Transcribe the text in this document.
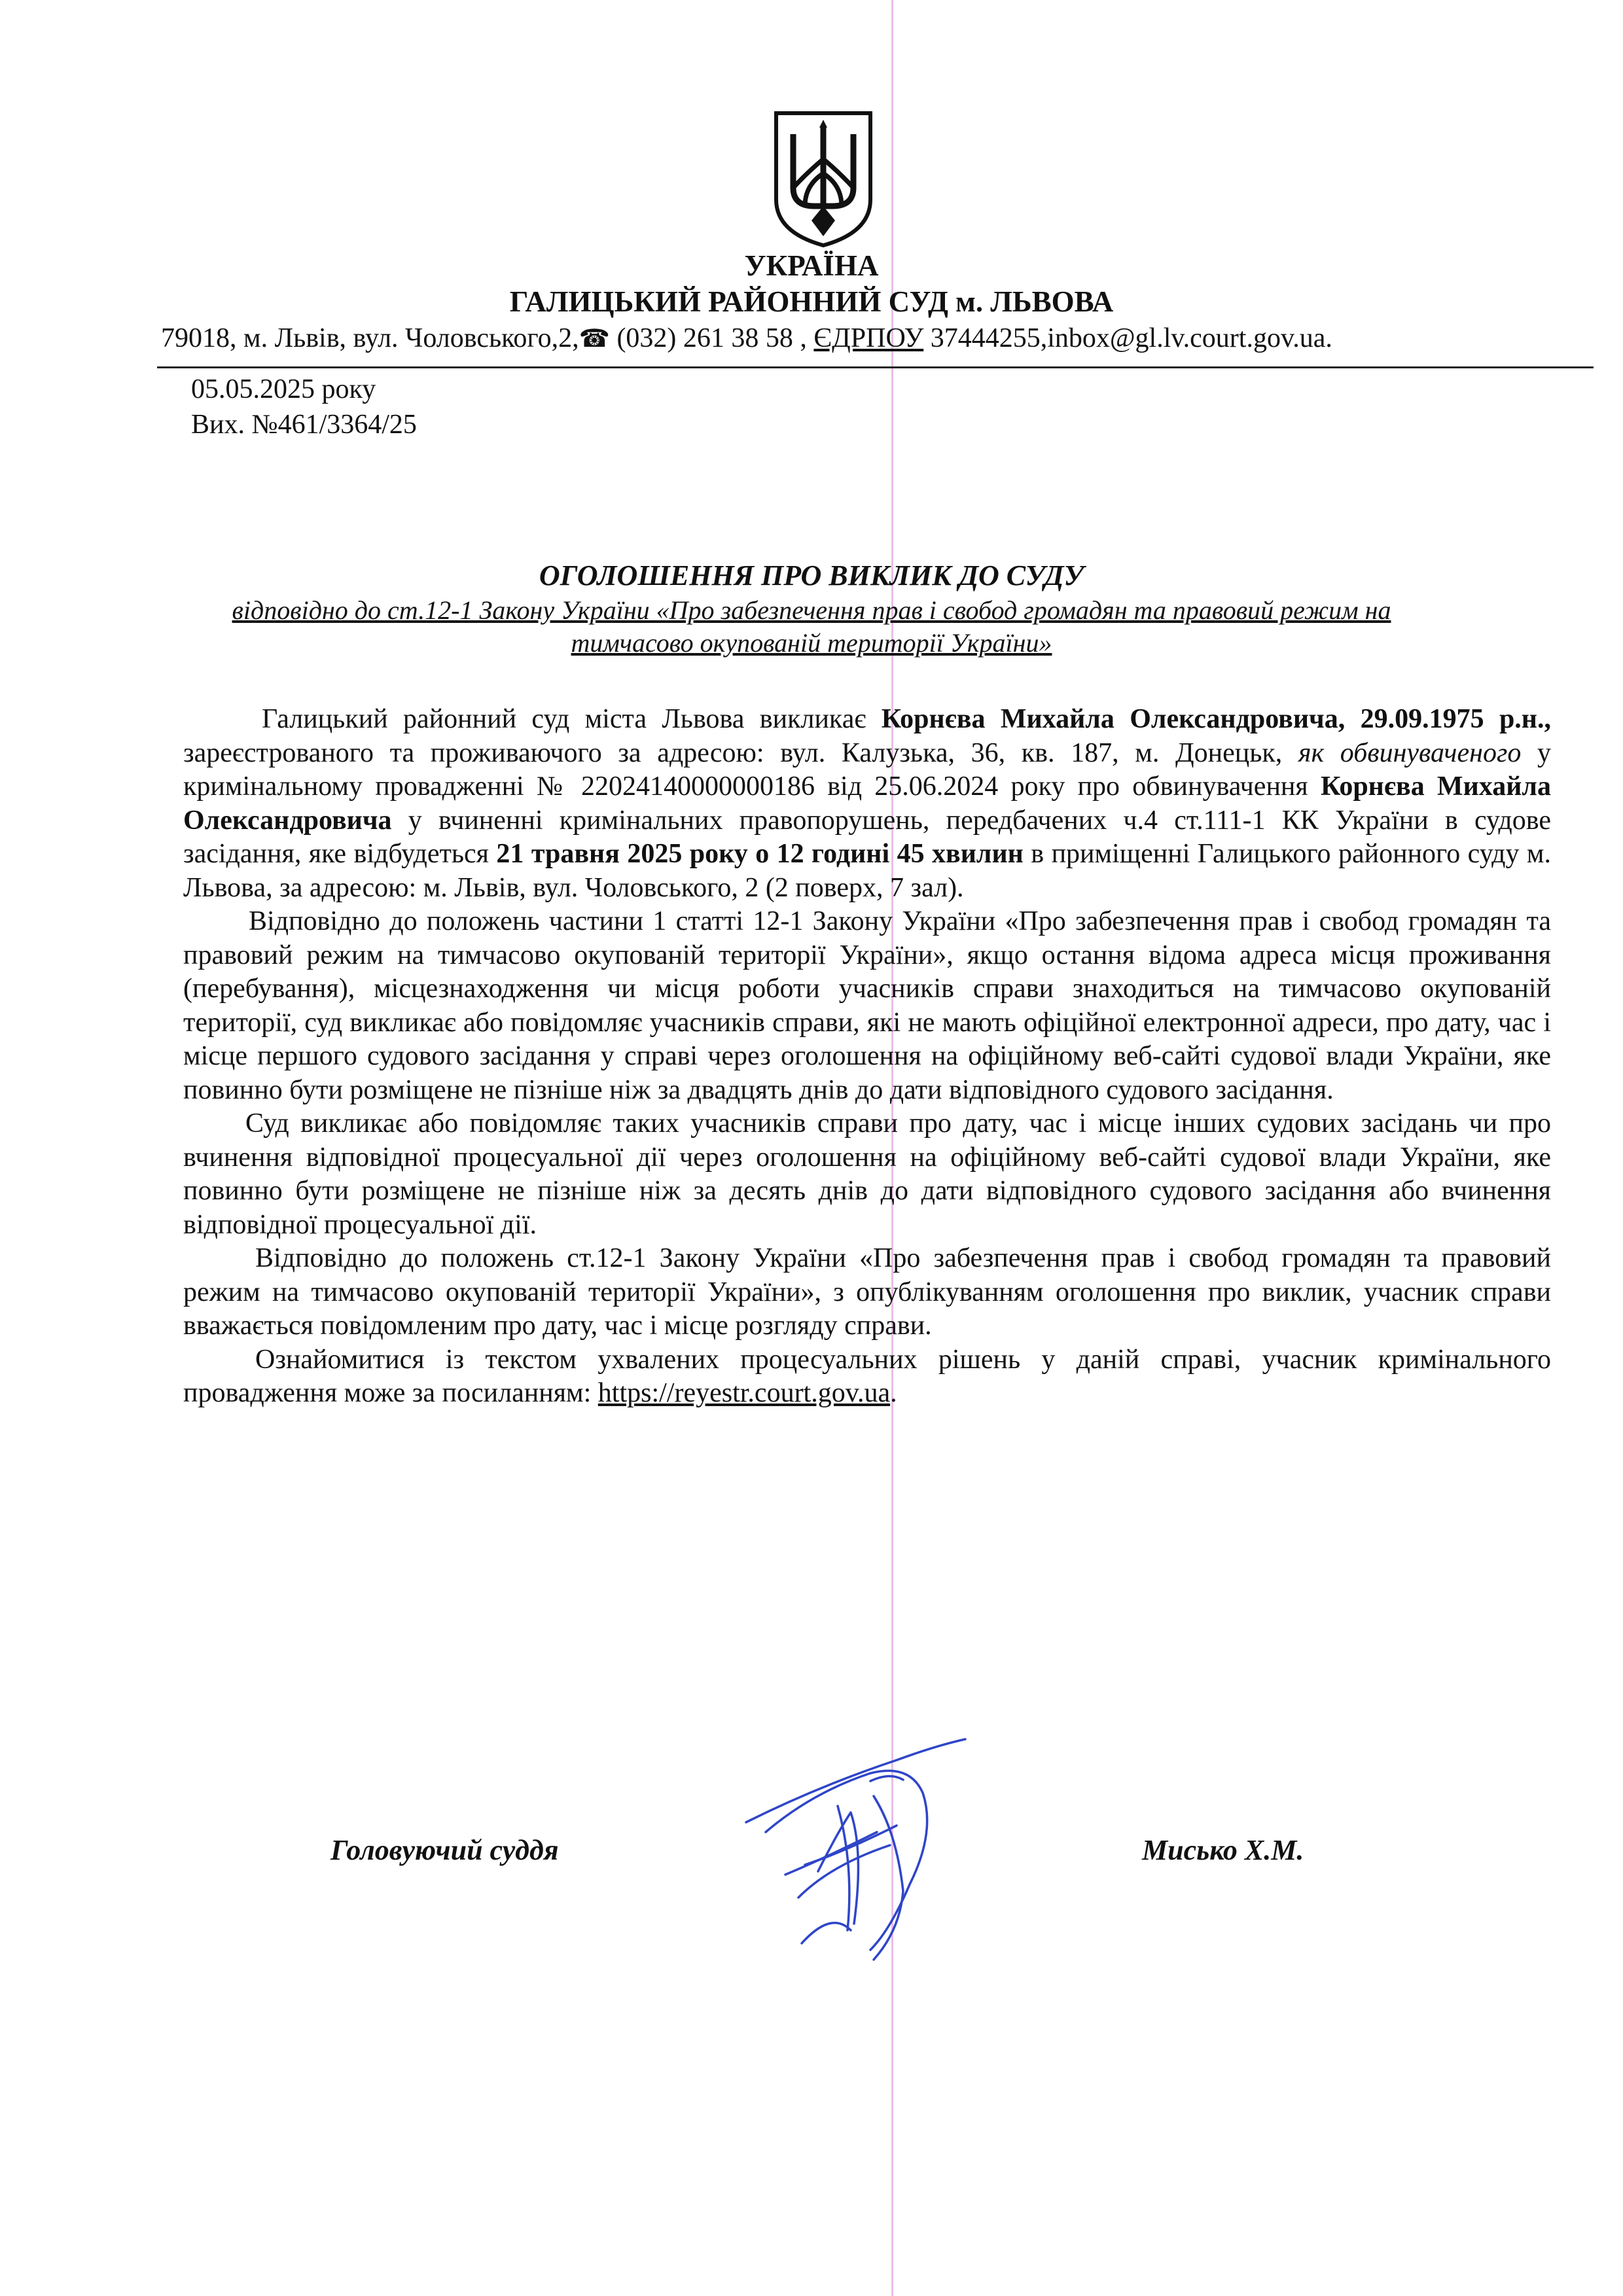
УКРАЇНА
ГАЛИЦЬКИЙ РАЙОННИЙ СУД м. ЛЬВОВА
79018, м. Львів, вул. Чоловського,2,☎ (032) 261 38 58 , ЄДРПОУ 37444255,inbox@gl.lv.court.gov.ua.
05.05.2025 року
Вих. №461/3364/25
ОГОЛОШЕННЯ ПРО ВИКЛИК ДО СУДУ
відповідно до ст.12-1 Закону України «Про забезпечення прав і свобод громадян та правовий режим на тимчасово окупованій території України»

Галицький районний суд міста Львова викликає Корнєва Михайла Олександровича, 29.09.1975 р.н., зареєстрованого та проживаючого за адресою: вул. Калузька, 36, кв. 187, м. Донецьк, як обвинуваченого у кримінальному провадженні № 22024140000000186 від 25.06.2024 року про обвинувачення Корнєва Михайла Олександровича у вчиненні кримінальних правопорушень, передбачених ч.4 ст.111-1 КК України в судове засідання, яке відбудеться 21 травня 2025 року о 12 годині 45 хвилин в приміщенні Галицького районного суду м. Львова, за адресою: м. Львів, вул. Чоловського, 2 (2 поверх, 7 зал).

Відповідно до положень частини 1 статті 12-1 Закону України «Про забезпечення прав і свобод громадян та правовий режим на тимчасово окупованій території України», якщо остання відома адреса місця проживання (перебування), місцезнаходження чи місця роботи учасників справи знаходиться на тимчасово окупованій території, суд викликає або повідомляє учасників справи, які не мають офіційної електронної адреси, про дату, час і місце першого судового засідання у справі через оголошення на офіційному веб-сайті судової влади України, яке повинно бути розміщене не пізніше ніж за двадцять днів до дати відповідного судового засідання.

Суд викликає або повідомляє таких учасників справи про дату, час і місце інших судових засідань чи про вчинення відповідної процесуальної дії через оголошення на офіційному веб-сайті судової влади України, яке повинно бути розміщене не пізніше ніж за десять днів до дати відповідного судового засідання або вчинення відповідної процесуальної дії.

Відповідно до положень ст.12-1 Закону України «Про забезпечення прав і свобод громадян та правовий режим на тимчасово окупованій території України», з опублікуванням оголошення про виклик, учасник справи вважається повідомленим про дату, час і місце розгляду справи.

Ознайомитися із текстом ухвалених процесуальних рішень у даній справі, учасник кримінального провадження може за посиланням: https://reyestr.court.gov.ua.

Головуючий суддя	Мисько Х.М.
